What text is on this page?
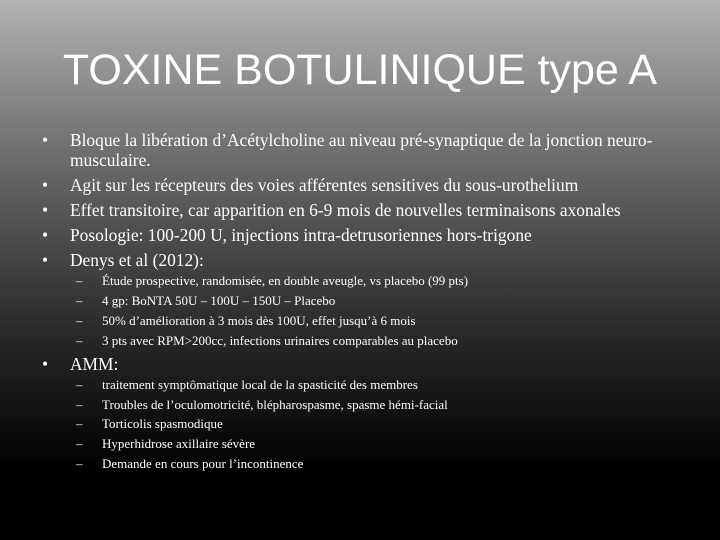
TOXINE BOTULINIQUE type A
• Bloque la libération d’Acétylcholine au niveau pré-synaptique de la jonction neuro-musculaire.
• Agit sur les récepteurs des voies afférentes sensitives du sous-urothelium
• Effet transitoire, car apparition en 6-9 mois de nouvelles terminaisons axonales
• Posologie: 100-200 U, injections intra-detrusoriennes hors-trigone
• Denys et al (2012):
– Étude prospective, randomisée, en double aveugle, vs placebo (99 pts)
– 4 gp: BoNTA 50U – 100U – 150U – Placebo
– 50% d’amélioration à 3 mois dès 100U, effet jusqu’à 6 mois
– 3 pts avec RPM>200cc, infections urinaires comparables au placebo
• AMM:
– traitement symptômatique local de la spasticité des membres
– Troubles de l’oculomotricité, blépharospasme, spasme hémi-facial
– Torticolis spasmodique
– Hyperhidrose axillaire sévère
– Demande en cours pour l’incontinence
